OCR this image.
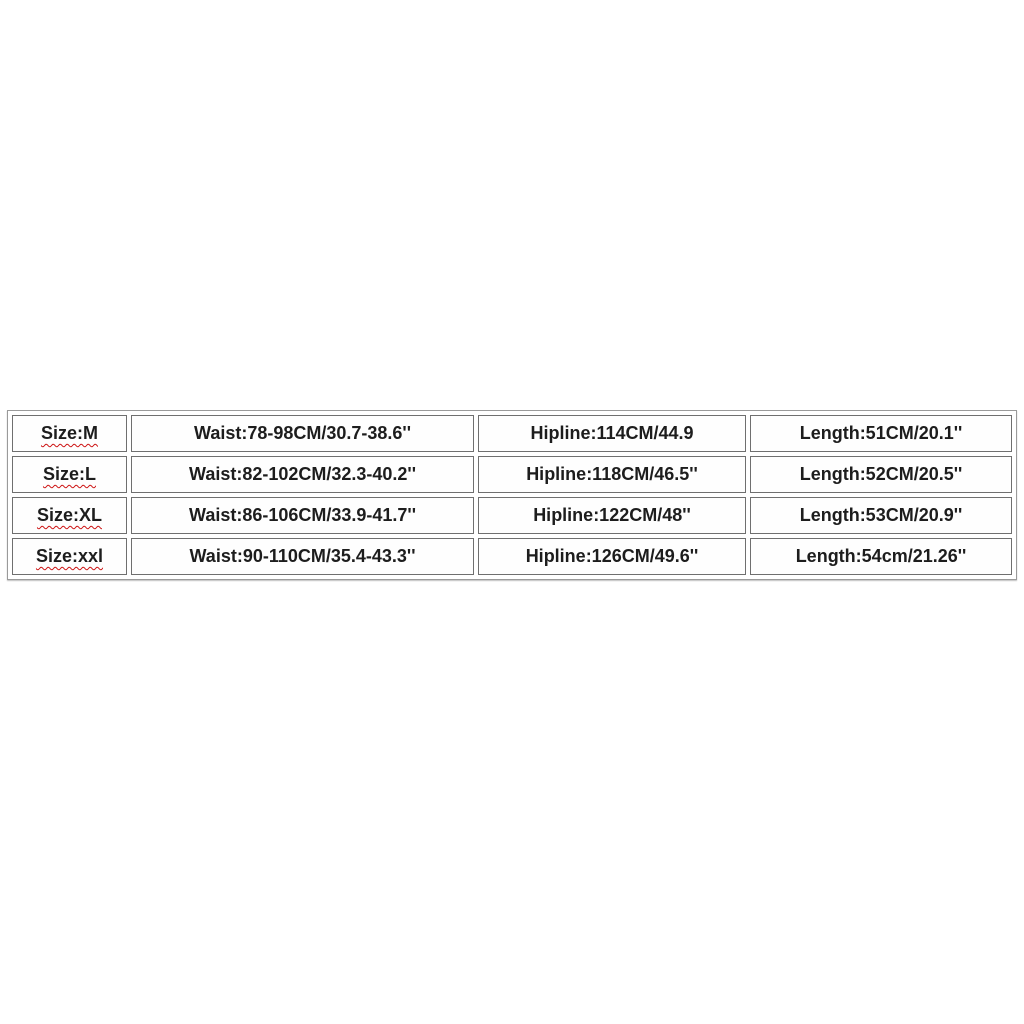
Size:M	Waist:78-98CM/30.7-38.6''	Hipline:114CM/44.9	Length:51CM/20.1''
Size:L	Waist:82-102CM/32.3-40.2''	Hipline:118CM/46.5''	Length:52CM/20.5''
Size:XL	Waist:86-106CM/33.9-41.7''	Hipline:122CM/48''	Length:53CM/20.9''
Size:xxl	Waist:90-110CM/35.4-43.3''	Hipline:126CM/49.6''	Length:54cm/21.26''
